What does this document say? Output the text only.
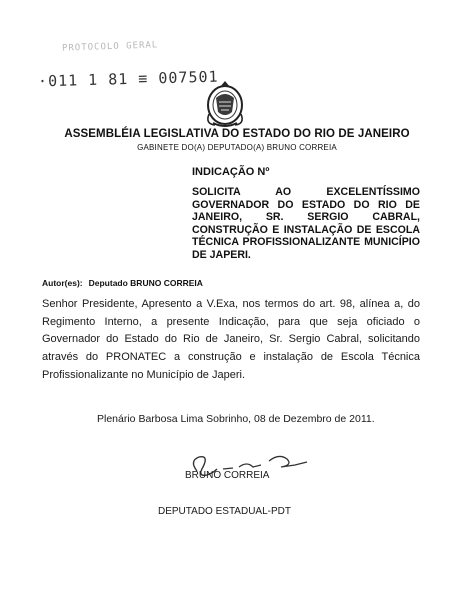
PROTOCOLO GERAL
·011 1 81 ≡ 007501
ASSEMBLÉIA LEGISLATIVA DO ESTADO DO RIO DE JANEIRO
GABINETE DO(A) DEPUTADO(A) BRUNO CORREIA
INDICAÇÃO Nº
SOLICITA AO EXCELENTÍSSIMO GOVERNADOR DO ESTADO DO RIO DE JANEIRO, SR. SERGIO CABRAL, CONSTRUÇÃO E INSTALAÇÃO DE ESCOLA TÉCNICA PROFISSIONALIZANTE MUNICÍPIO DE JAPERI.
Autor(es): Deputado BRUNO CORREIA
Senhor Presidente, Apresento a V.Exa, nos termos do art. 98, alínea a, do Regimento Interno, a presente Indicação, para que seja oficiado o Governador do Estado do Rio de Janeiro, Sr. Sergio Cabral, solicitando através do PRONATEC a construção e instalação de Escola Técnica Profissionalizante no Município de Japeri.
Plenário Barbosa Lima Sobrinho, 08 de Dezembro de 2011.
BRUNO CORREIA
DEPUTADO ESTADUAL-PDT
